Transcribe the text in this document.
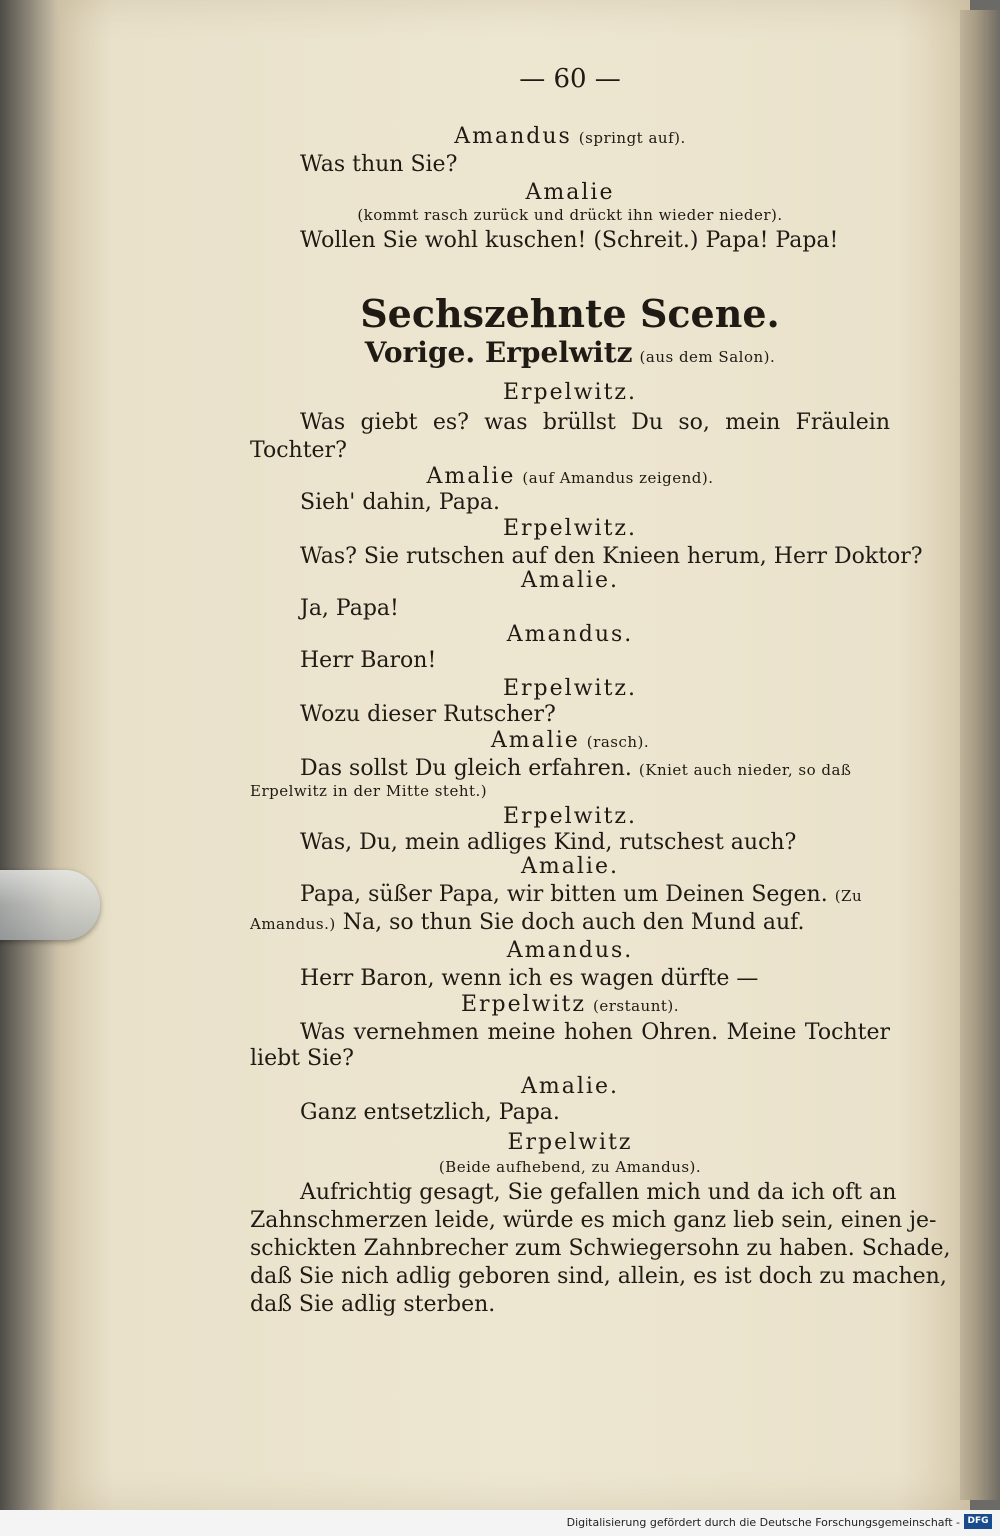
— 60 —
Amandus (springt auf).
Was thun Sie?
Amalie
(kommt rasch zurück und drückt ihn wieder nieder).
Wollen Sie wohl kuschen! (Schreit.) Papa! Papa!
Sechszehnte Scene.
Vorige. Erpelwitz (aus dem Salon).
Erpelwitz.
Was giebt es? was brüllst Du so, mein Fräulein
Tochter?
Amalie (auf Amandus zeigend).
Sieh' dahin, Papa.
Erpelwitz.
Was? Sie rutschen auf den Knieen herum, Herr Doktor?
Amalie.
Ja, Papa!
Amandus.
Herr Baron!
Erpelwitz.
Wozu dieser Rutscher?
Amalie (rasch).
Das sollst Du gleich erfahren. (Kniet auch nieder, so daß
Erpelwitz in der Mitte steht.)
Erpelwitz.
Was, Du, mein adliges Kind, rutschest auch?
Amalie.
Papa, süßer Papa, wir bitten um Deinen Segen. (Zu
Amandus.) Na, so thun Sie doch auch den Mund auf.
Amandus.
Herr Baron, wenn ich es wagen dürfte —
Erpelwitz (erstaunt).
Was vernehmen meine hohen Ohren. Meine Tochter
liebt Sie?
Amalie.
Ganz entsetzlich, Papa.
Erpelwitz
(Beide aufhebend, zu Amandus).
Aufrichtig gesagt, Sie gefallen mich und da ich oft an
Zahnschmerzen leide, würde es mich ganz lieb sein, einen je-
schickten Zahnbrecher zum Schwiegersohn zu haben. Schade,
daß Sie nich adlig geboren sind, allein, es ist doch zu machen,
daß Sie adlig sterben.
Digitalisierung gefördert durch die Deutsche Forschungsgemeinschaft - DFG
